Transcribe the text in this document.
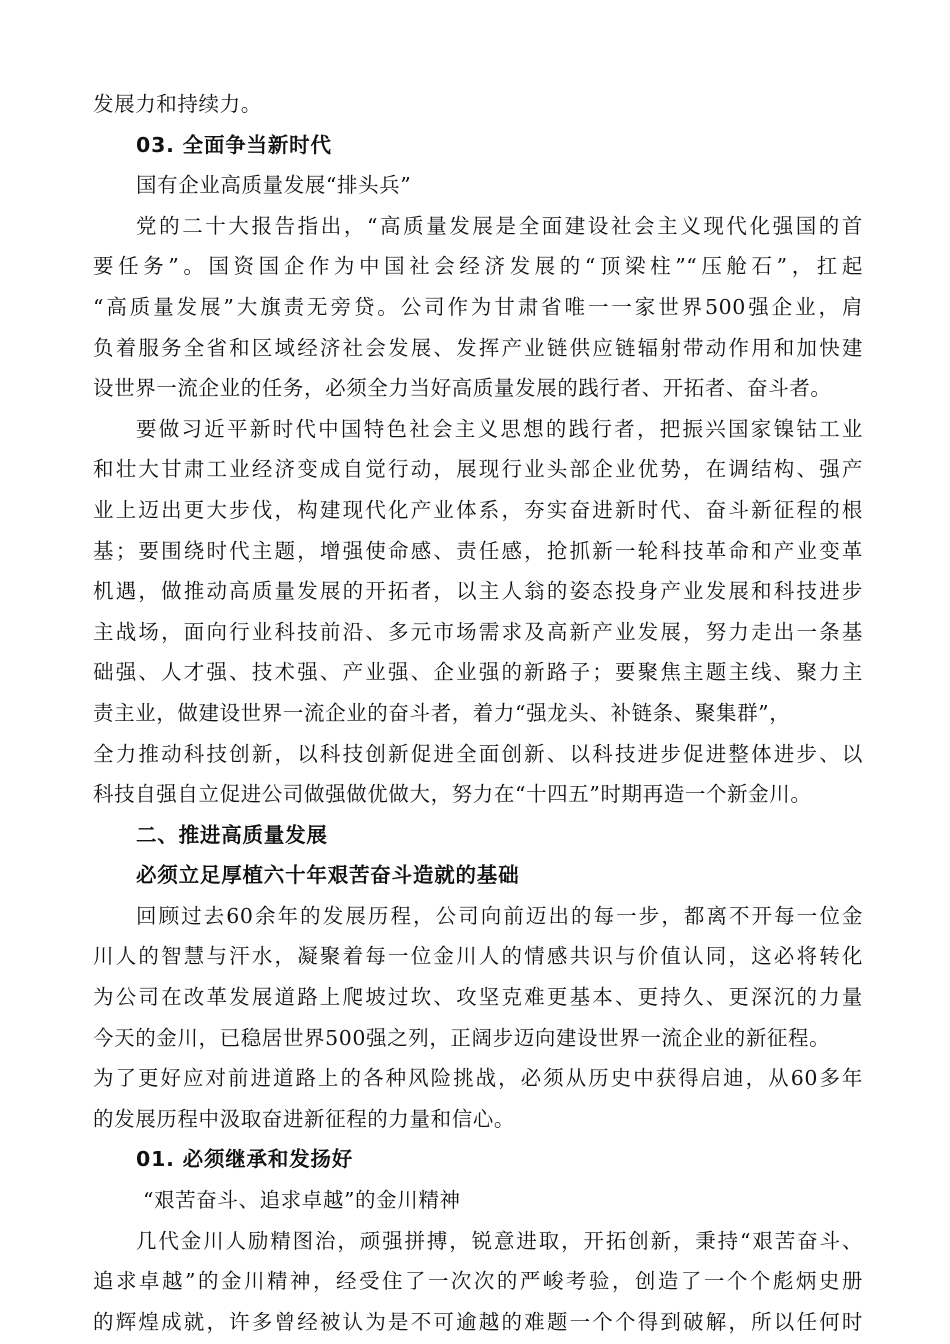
发展力和持续力。
03. 全面争当新时代
国有企业高质量发展“排头兵”
党的二十大报告指出，“高质量发展是全面建设社会主义现代化强国的首
要任务”。国资国企作为中国社会经济发展的“顶梁柱”“压舱石”，扛起
“高质量发展”大旗责无旁贷。公司作为甘肃省唯一一家世界500强企业，肩
负着服务全省和区域经济社会发展、发挥产业链供应链辐射带动作用和加快建
设世界一流企业的任务，必须全力当好高质量发展的践行者、开拓者、奋斗者。
要做习近平新时代中国特色社会主义思想的践行者，把振兴国家镍钴工业
和壮大甘肃工业经济变成自觉行动，展现行业头部企业优势，在调结构、强产
业上迈出更大步伐，构建现代化产业体系，夯实奋进新时代、奋斗新征程的根
基；要围绕时代主题，增强使命感、责任感，抢抓新一轮科技革命和产业变革
机遇，做推动高质量发展的开拓者，以主人翁的姿态投身产业发展和科技进步
主战场，面向行业科技前沿、多元市场需求及高新产业发展，努力走出一条基
础强、人才强、技术强、产业强、企业强的新路子；要聚焦主题主线、聚力主
责主业，做建设世界一流企业的奋斗者，着力“强龙头、补链条、聚集群”，
全力推动科技创新，以科技创新促进全面创新、以科技进步促进整体进步、以
科技自强自立促进公司做强做优做大，努力在“十四五”时期再造一个新金川。
二、推进高质量发展
必须立足厚植六十年艰苦奋斗造就的基础
回顾过去60余年的发展历程，公司向前迈出的每一步，都离不开每一位金
川人的智慧与汗水，凝聚着每一位金川人的情感共识与价值认同，这必将转化
为公司在改革发展道路上爬坡过坎、攻坚克难更基本、更持久、更深沉的力量
今天的金川，已稳居世界500强之列，正阔步迈向建设世界一流企业的新征程。
为了更好应对前进道路上的各种风险挑战，必须从历史中获得启迪，从60多年
的发展历程中汲取奋进新征程的力量和信心。
01. 必须继承和发扬好
“艰苦奋斗、追求卓越”的金川精神
几代金川人励精图治，顽强拼搏，锐意进取，开拓创新，秉持“艰苦奋斗、
追求卓越”的金川精神，经受住了一次次的严峻考验，创造了一个个彪炳史册
的辉煌成就，许多曾经被认为是不可逾越的难题一个个得到破解，所以任何时
